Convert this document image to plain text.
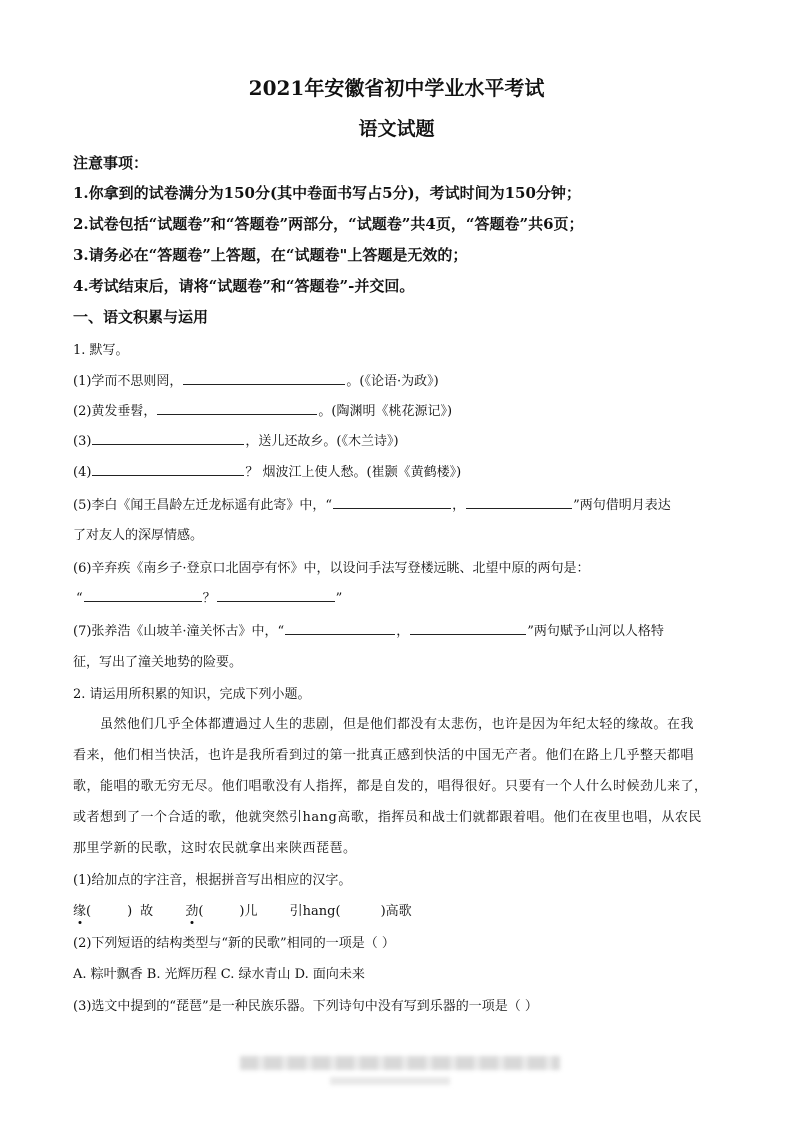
2021年安徽省初中学业水平考试
语文试题
注意事项：
1.你拿到的试卷满分为150分(其中卷面书写占5分)，考试时间为150分钟；
2.试卷包括“试题卷”和“答题卷”两部分，“试题卷”共4页，“答题卷”共6页；
3.请务必在“答题卷”上答题，在“试题卷"上答题是无效的；
4.考试结束后，请将“试题卷”和“答题卷”-并交回。
一、语文积累与运用
1. 默写。
(1)学而不思则罔，	。(《论语·为政》)
(2)黄发垂髫，	。(陶渊明《桃花源记》)
(3)	，送儿还故乡。(《木兰诗》)
(4)	？ 烟波江上使人愁。(崔颢《黄鹤楼》)
(5)李白《闻王昌龄左迁龙标遥有此寄》中，“	，	”两句借明月表达
了对友人的深厚情感。
(6)辛弃疾《南乡子·登京口北固亭有怀》中，以设问手法写登楼远眺、北望中原的两句是：
“	？	”
(7)张养浩《山坡羊·潼关怀古》中，“	，	”两句赋予山河以人格特
征，写出了潼关地势的险要。
2. 请运用所积累的知识，完成下列小题。
虽然他们几乎全体都遭過过人生的悲剧，但是他们都没有太悲伤，也许是因为年纪太轻的缘故。在我
看来，他们相当快活，也许是我所看到过的第一批真正感到快活的中国无产者。他们在路上几乎整天都唱
歌，能唱的歌无穷无尽。他们唱歌没有人指挥，都是自发的，唱得很好。只要有一个人什么时候劲儿来了，
或者想到了一个合适的歌，他就突然引hang高歌，指挥员和战士们就都跟着唱。他们在夜里也唱，从农民
那里学新的民歌，这时农民就拿出来陕西琵琶。
(1)给加点的字注音，根据拼音写出相应的汉字。
缘(	) 故 劲(	)儿 引hang(	)高歌
(2)下列短语的结构类型与“新的民歌”相同的一项是（ ）
A. 粽叶飘香 B. 光辉历程 C. 绿水青山 D. 面向未来
(3)选文中提到的“琵琶”是一种民族乐器。下列诗句中没有写到乐器的一项是（ ）
